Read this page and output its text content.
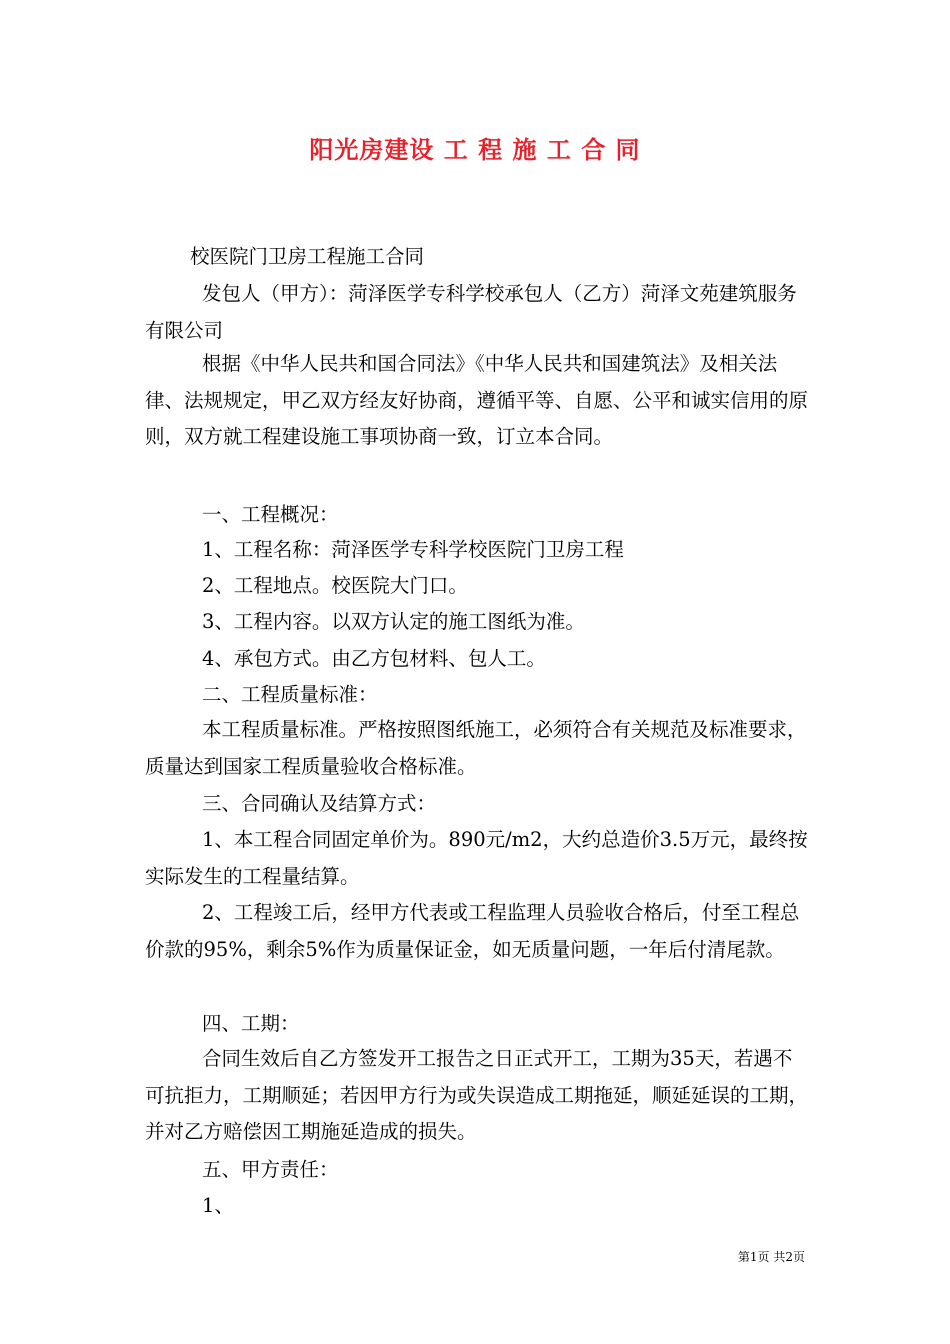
阳光房建设 工 程 施 工 合 同

校医院门卫房工程施工合同

发包人（甲方）：菏泽医学专科学校承包人（乙方）菏泽文苑建筑服务有限公司

根据《中华人民共和国合同法》《中华人民共和国建筑法》及相关法律、法规规定，甲乙双方经友好协商，遵循平等、自愿、公平和诚实信用的原则，双方就工程建设施工事项协商一致，订立本合同。

一、工程概况：

1、工程名称：菏泽医学专科学校医院门卫房工程

2、工程地点。校医院大门口。

3、工程内容。以双方认定的施工图纸为准。

4、承包方式。由乙方包材料、包人工。

二、工程质量标准：

本工程质量标准。严格按照图纸施工，必须符合有关规范及标准要求，质量达到国家工程质量验收合格标准。

三、合同确认及结算方式：

1、本工程合同固定单价为。890元/m2，大约总造价3.5万元，最终按实际发生的工程量结算。

2、工程竣工后，经甲方代表或工程监理人员验收合格后，付至工程总价款的95%，剩余5%作为质量保证金，如无质量问题，一年后付清尾款。

四、工期：

合同生效后自乙方签发开工报告之日正式开工，工期为35天，若遇不可抗拒力，工期顺延；若因甲方行为或失误造成工期拖延，顺延延误的工期，并对乙方赔偿因工期施延造成的损失。

五、甲方责任：

1、

第1页 共2页
